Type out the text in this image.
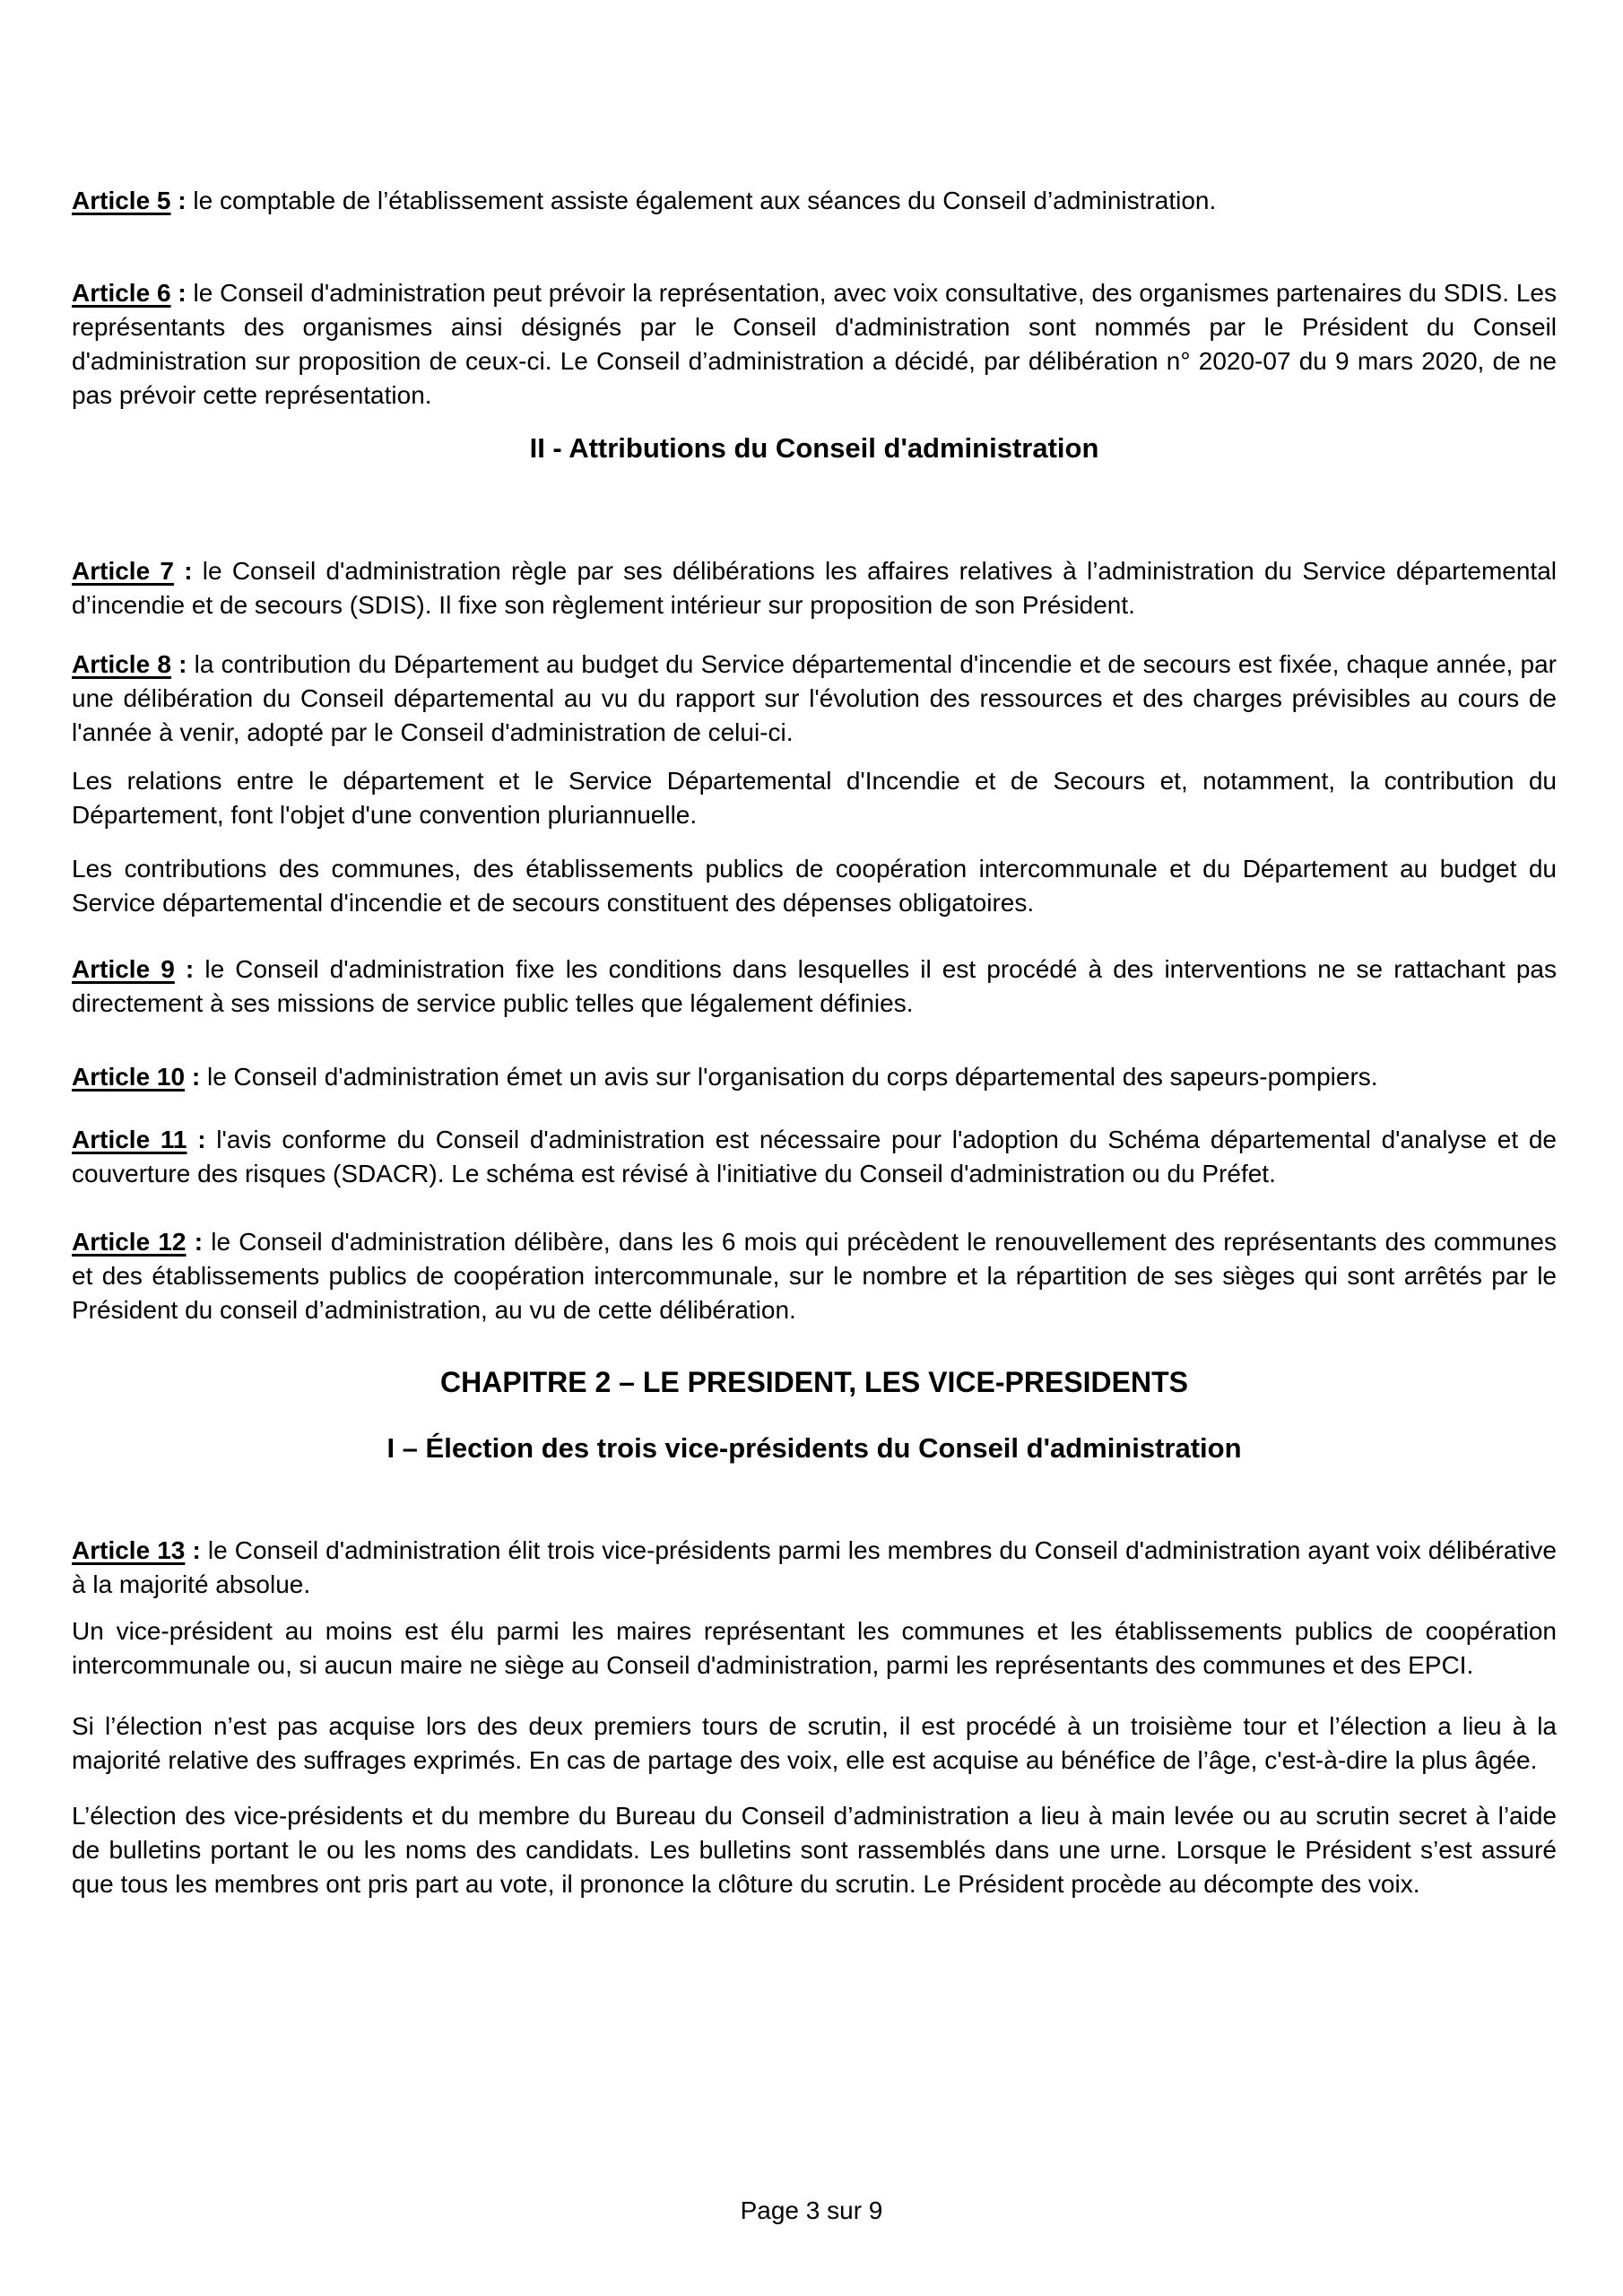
Article 5 : le comptable de l’établissement assiste également aux séances du Conseil d’administration.

Article 6 : le Conseil d'administration peut prévoir la représentation, avec voix consultative, des organismes partenaires du SDIS. Les représentants des organismes ainsi désignés par le Conseil d'administration sont nommés par le Président du Conseil d'administration sur proposition de ceux-ci. Le Conseil d’administration a décidé, par délibération n° 2020-07 du 9 mars 2020, de ne pas prévoir cette représentation.

II - Attributions du Conseil d'administration

Article 7 : le Conseil d'administration règle par ses délibérations les affaires relatives à l’administration du Service départemental d’incendie et de secours (SDIS). Il fixe son règlement intérieur sur proposition de son Président.

Article 8 : la contribution du Département au budget du Service départemental d'incendie et de secours est fixée, chaque année, par une délibération du Conseil départemental au vu du rapport sur l'évolution des ressources et des charges prévisibles au cours de l'année à venir, adopté par le Conseil d'administration de celui-ci.

Les relations entre le département et le Service Départemental d'Incendie et de Secours et, notamment, la contribution du Département, font l'objet d'une convention pluriannuelle.

Les contributions des communes, des établissements publics de coopération intercommunale et du Département au budget du Service départemental d'incendie et de secours constituent des dépenses obligatoires.

Article 9 : le Conseil d'administration fixe les conditions dans lesquelles il est procédé à des interventions ne se rattachant pas directement à ses missions de service public telles que légalement définies.

Article 10 : le Conseil d'administration émet un avis sur l'organisation du corps départemental des sapeurs-pompiers.

Article 11 : l'avis conforme du Conseil d'administration est nécessaire pour l'adoption du Schéma départemental d'analyse et de couverture des risques (SDACR). Le schéma est révisé à l'initiative du Conseil d'administration ou du Préfet.

Article 12 : le Conseil d'administration délibère, dans les 6 mois qui précèdent le renouvellement des représentants des communes et des établissements publics de coopération intercommunale, sur le nombre et la répartition de ses sièges qui sont arrêtés par le Président du conseil d’administration, au vu de cette délibération.

CHAPITRE 2 – LE PRESIDENT, LES VICE-PRESIDENTS
I – Élection des trois vice-présidents du Conseil d'administration

Article 13 : le Conseil d'administration élit trois vice-présidents parmi les membres du Conseil d'administration ayant voix délibérative à la majorité absolue.

Un vice-président au moins est élu parmi les maires représentant les communes et les établissements publics de coopération intercommunale ou, si aucun maire ne siège au Conseil d'administration, parmi les représentants des communes et des EPCI.

Si l’élection n’est pas acquise lors des deux premiers tours de scrutin, il est procédé à un troisième tour et l’élection a lieu à la majorité relative des suffrages exprimés. En cas de partage des voix, elle est acquise au bénéfice de l’âge, c'est-à-dire la plus âgée.

L’élection des vice-présidents et du membre du Bureau du Conseil d’administration a lieu à main levée ou au scrutin secret à l’aide de bulletins portant le ou les noms des candidats. Les bulletins sont rassemblés dans une urne. Lorsque le Président s’est assuré que tous les membres ont pris part au vote, il prononce la clôture du scrutin. Le Président procède au décompte des voix.

Page 3 sur 9
